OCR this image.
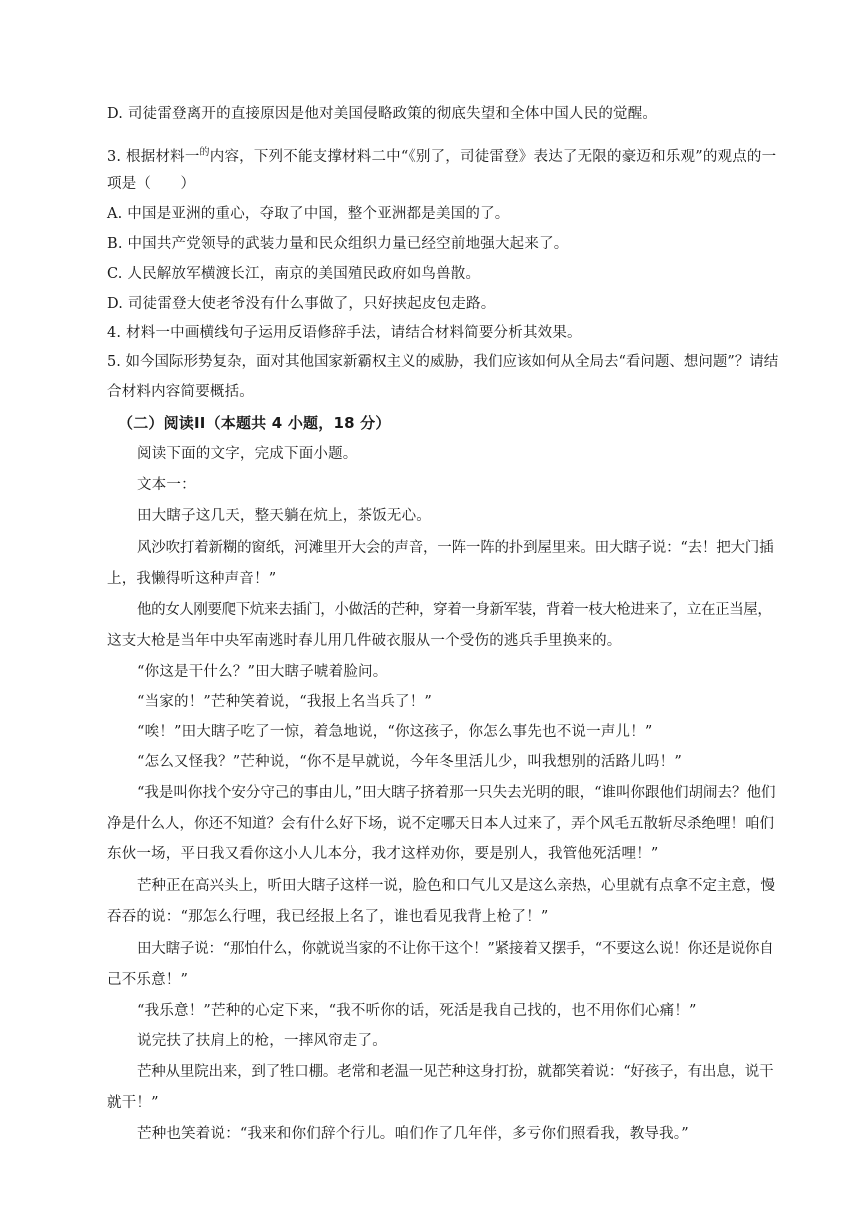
D. 司徒雷登离开的直接原因是他对美国侵略政策的彻底失望和全体中国人民的觉醒。
3. 根据材料一$^的$内容，下列不能支撑材料二中“《别了，司徒雷登》表达了无限的豪迈和乐观”的观点的一
项是（　　）
A. 中国是亚洲的重心，夺取了中国，整个亚洲都是美国的了。
B. 中国共产党领导的武装力量和民众组织力量已经空前地强大起来了。
C. 人民解放军横渡长江，南京的美国殖民政府如鸟兽散。
D. 司徒雷登大使老爷没有什么事做了，只好挟起皮包走路。
4. 材料一中画横线句子运用反语修辞手法，请结合材料简要分析其效果。
5. 如今国际形势复杂，面对其他国家新霸权主义的威胁，我们应该如何从全局去“看问题、想问题”？请结
合材料内容简要概括。
（二）阅读II（本题共 4 小题，18 分）
阅读下面的文字，完成下面小题。
文本一：
田大瞎子这几天，整天躺在炕上，茶饭无心。
风沙吹打着新糊的窗纸，河滩里开大会的声音，一阵一阵的扑到屋里来。田大瞎子说：“去！把大门插
上，我懒得听这种声音！”
他的女人刚要爬下炕来去插门，小做活的芒种，穿着一身新军装，背着一枝大枪进来了，立在正当屋，
这支大枪是当年中央军南逃时春儿用几件破衣服从一个受伤的逃兵手里换来的。
“你这是干什么？”田大瞎子唬着脸问。
“当家的！”芒种笑着说，“我报上名当兵了！”
“唉！”田大瞎子吃了一惊，着急地说，“你这孩子，你怎么事先也不说一声儿！”
“怎么又怪我？”芒种说，“你不是早就说，今年冬里活儿少，叫我想别的活路儿吗！”
“我是叫你找个安分守己的事由儿，”田大瞎子挤着那一只失去光明的眼，“谁叫你跟他们胡闹去？他们
净是什么人，你还不知道？会有什么好下场，说不定哪天日本人过来了，弄个风毛五散斩尽杀绝哩！咱们
东伙一场，平日我又看你这小人儿本分，我才这样劝你，要是别人，我管他死活哩！”
芒种正在高兴头上，听田大瞎子这样一说，脸色和口气儿又是这么亲热，心里就有点拿不定主意，慢
吞吞的说：“那怎么行哩，我已经报上名了，谁也看见我背上枪了！”
田大瞎子说：“那怕什么，你就说当家的不让你干这个！”紧接着又摆手，“不要这么说！你还是说你自
己不乐意！”
“我乐意！”芒种的心定下来，“我不听你的话，死活是我自己找的，也不用你们心痛！”
说完扶了扶肩上的枪，一摔风帘走了。
芒种从里院出来，到了牲口棚。老常和老温一见芒种这身打扮，就都笑着说：“好孩子，有出息，说干
就干！”
芒种也笑着说：“我来和你们辞个行儿。咱们作了几年伴，多亏你们照看我，教导我。”
